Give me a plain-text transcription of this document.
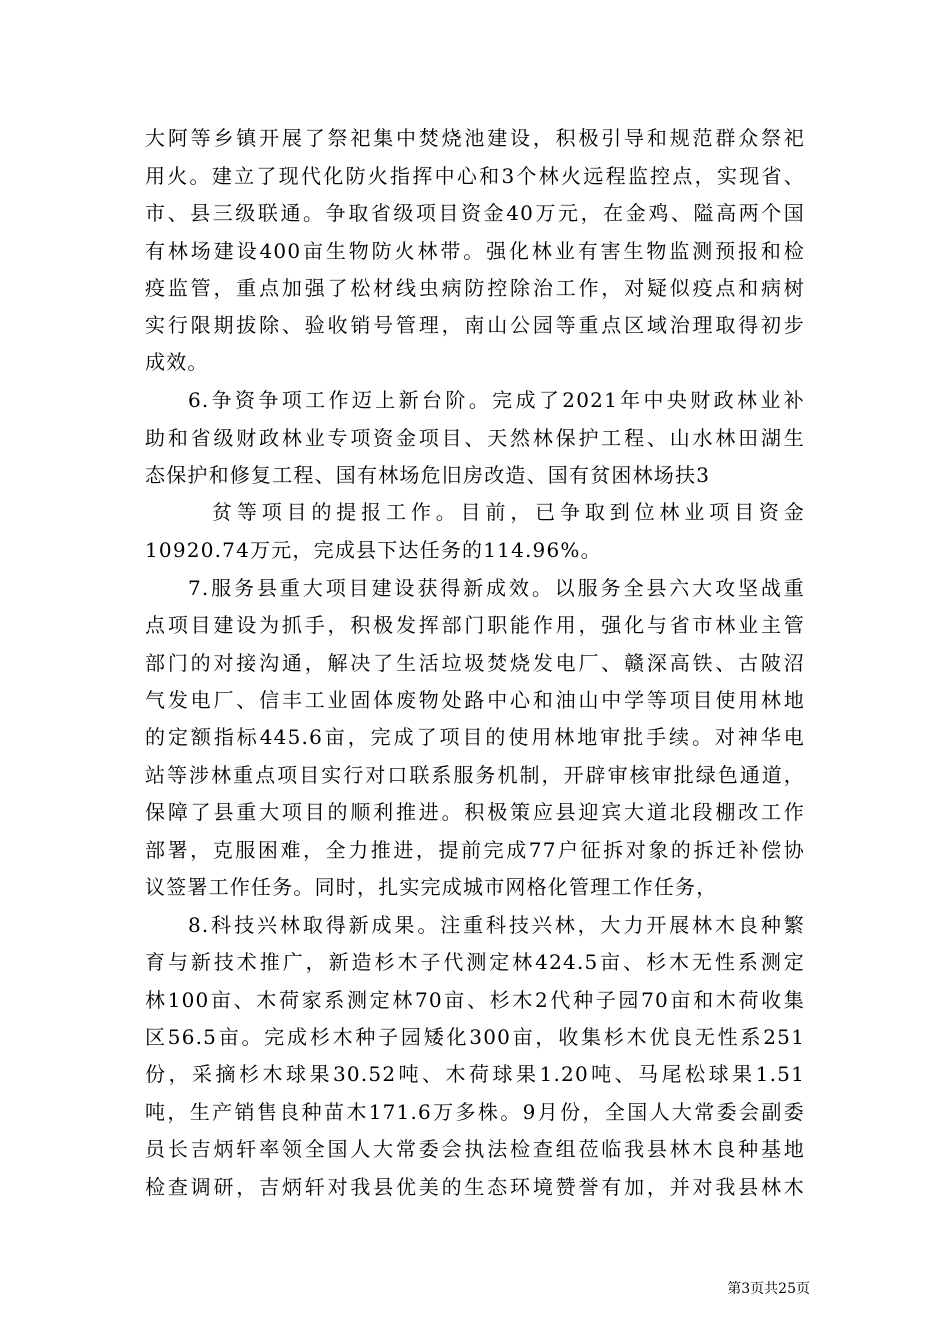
大阿等乡镇开展了祭祀集中焚烧池建设，积极引导和规范群众祭祀
用火。建立了现代化防火指挥中心和3个林火远程监控点，实现省、
市、县三级联通。争取省级项目资金40万元，在金鸡、隘高两个国
有林场建设400亩生物防火林带。强化林业有害生物监测预报和检
疫监管，重点加强了松材线虫病防控除治工作，对疑似疫点和病树
实行限期拔除、验收销号管理，南山公园等重点区域治理取得初步
成效。
6.争资争项工作迈上新台阶。完成了2021年中央财政林业补
助和省级财政林业专项资金项目、天然林保护工程、山水林田湖生
态保护和修复工程、国有林场危旧房改造、国有贫困林场扶3
贫等项目的提报工作。目前，已争取到位林业项目资金
10920.74万元，完成县下达任务的114.96%。
7.服务县重大项目建设获得新成效。以服务全县六大攻坚战重
点项目建设为抓手，积极发挥部门职能作用，强化与省市林业主管
部门的对接沟通，解决了生活垃圾焚烧发电厂、赣深高铁、古陂沼
气发电厂、信丰工业固体废物处路中心和油山中学等项目使用林地
的定额指标445.6亩，完成了项目的使用林地审批手续。对神华电
站等涉林重点项目实行对口联系服务机制，开辟审核审批绿色通道，
保障了县重大项目的顺利推进。积极策应县迎宾大道北段棚改工作
部署，克服困难，全力推进，提前完成77户征拆对象的拆迁补偿协
议签署工作任务。同时，扎实完成城市网格化管理工作任务，
8.科技兴林取得新成果。注重科技兴林，大力开展林木良种繁
育与新技术推广，新造杉木子代测定林424.5亩、杉木无性系测定
林100亩、木荷家系测定林70亩、杉木2代种子园70亩和木荷收集
区56.5亩。完成杉木种子园矮化300亩，收集杉木优良无性系251
份，采摘杉木球果30.52吨、木荷球果1.20吨、马尾松球果1.51
吨，生产销售良种苗木171.6万多株。9月份，全国人大常委会副委
员长吉炳轩率领全国人大常委会执法检查组莅临我县林木良种基地
检查调研，吉炳轩对我县优美的生态环境赞誉有加，并对我县林木
第3页共25页
